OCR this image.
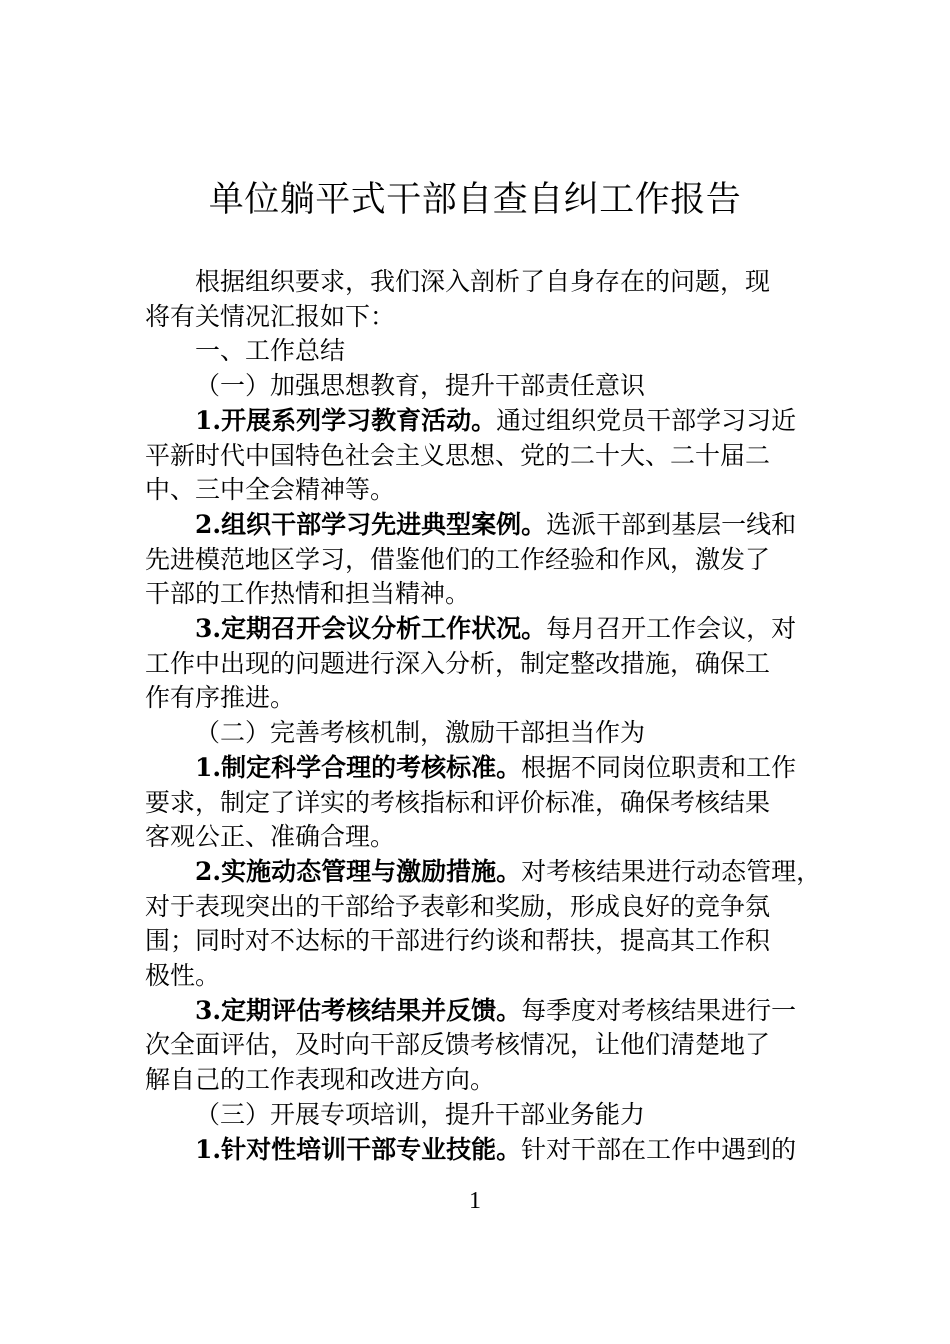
单位躺平式干部自查自纠工作报告
根据组织要求，我们深入剖析了自身存在的问题，现
将有关情况汇报如下：
一、工作总结
（一）加强思想教育，提升干部责任意识
1.开展系列学习教育活动。通过组织党员干部学习习近
平新时代中国特色社会主义思想、党的二十大、二十届二
中、三中全会精神等。
2.组织干部学习先进典型案例。选派干部到基层一线和
先进模范地区学习，借鉴他们的工作经验和作风，激发了
干部的工作热情和担当精神。
3.定期召开会议分析工作状况。每月召开工作会议，对
工作中出现的问题进行深入分析，制定整改措施，确保工
作有序推进。
（二）完善考核机制，激励干部担当作为
1.制定科学合理的考核标准。根据不同岗位职责和工作
要求，制定了详实的考核指标和评价标准，确保考核结果
客观公正、准确合理。
2.实施动态管理与激励措施。对考核结果进行动态管理，
对于表现突出的干部给予表彰和奖励，形成良好的竞争氛
围；同时对不达标的干部进行约谈和帮扶，提高其工作积
极性。
3.定期评估考核结果并反馈。每季度对考核结果进行一
次全面评估，及时向干部反馈考核情况，让他们清楚地了
解自己的工作表现和改进方向。
（三）开展专项培训，提升干部业务能力
1.针对性培训干部专业技能。针对干部在工作中遇到的
1
